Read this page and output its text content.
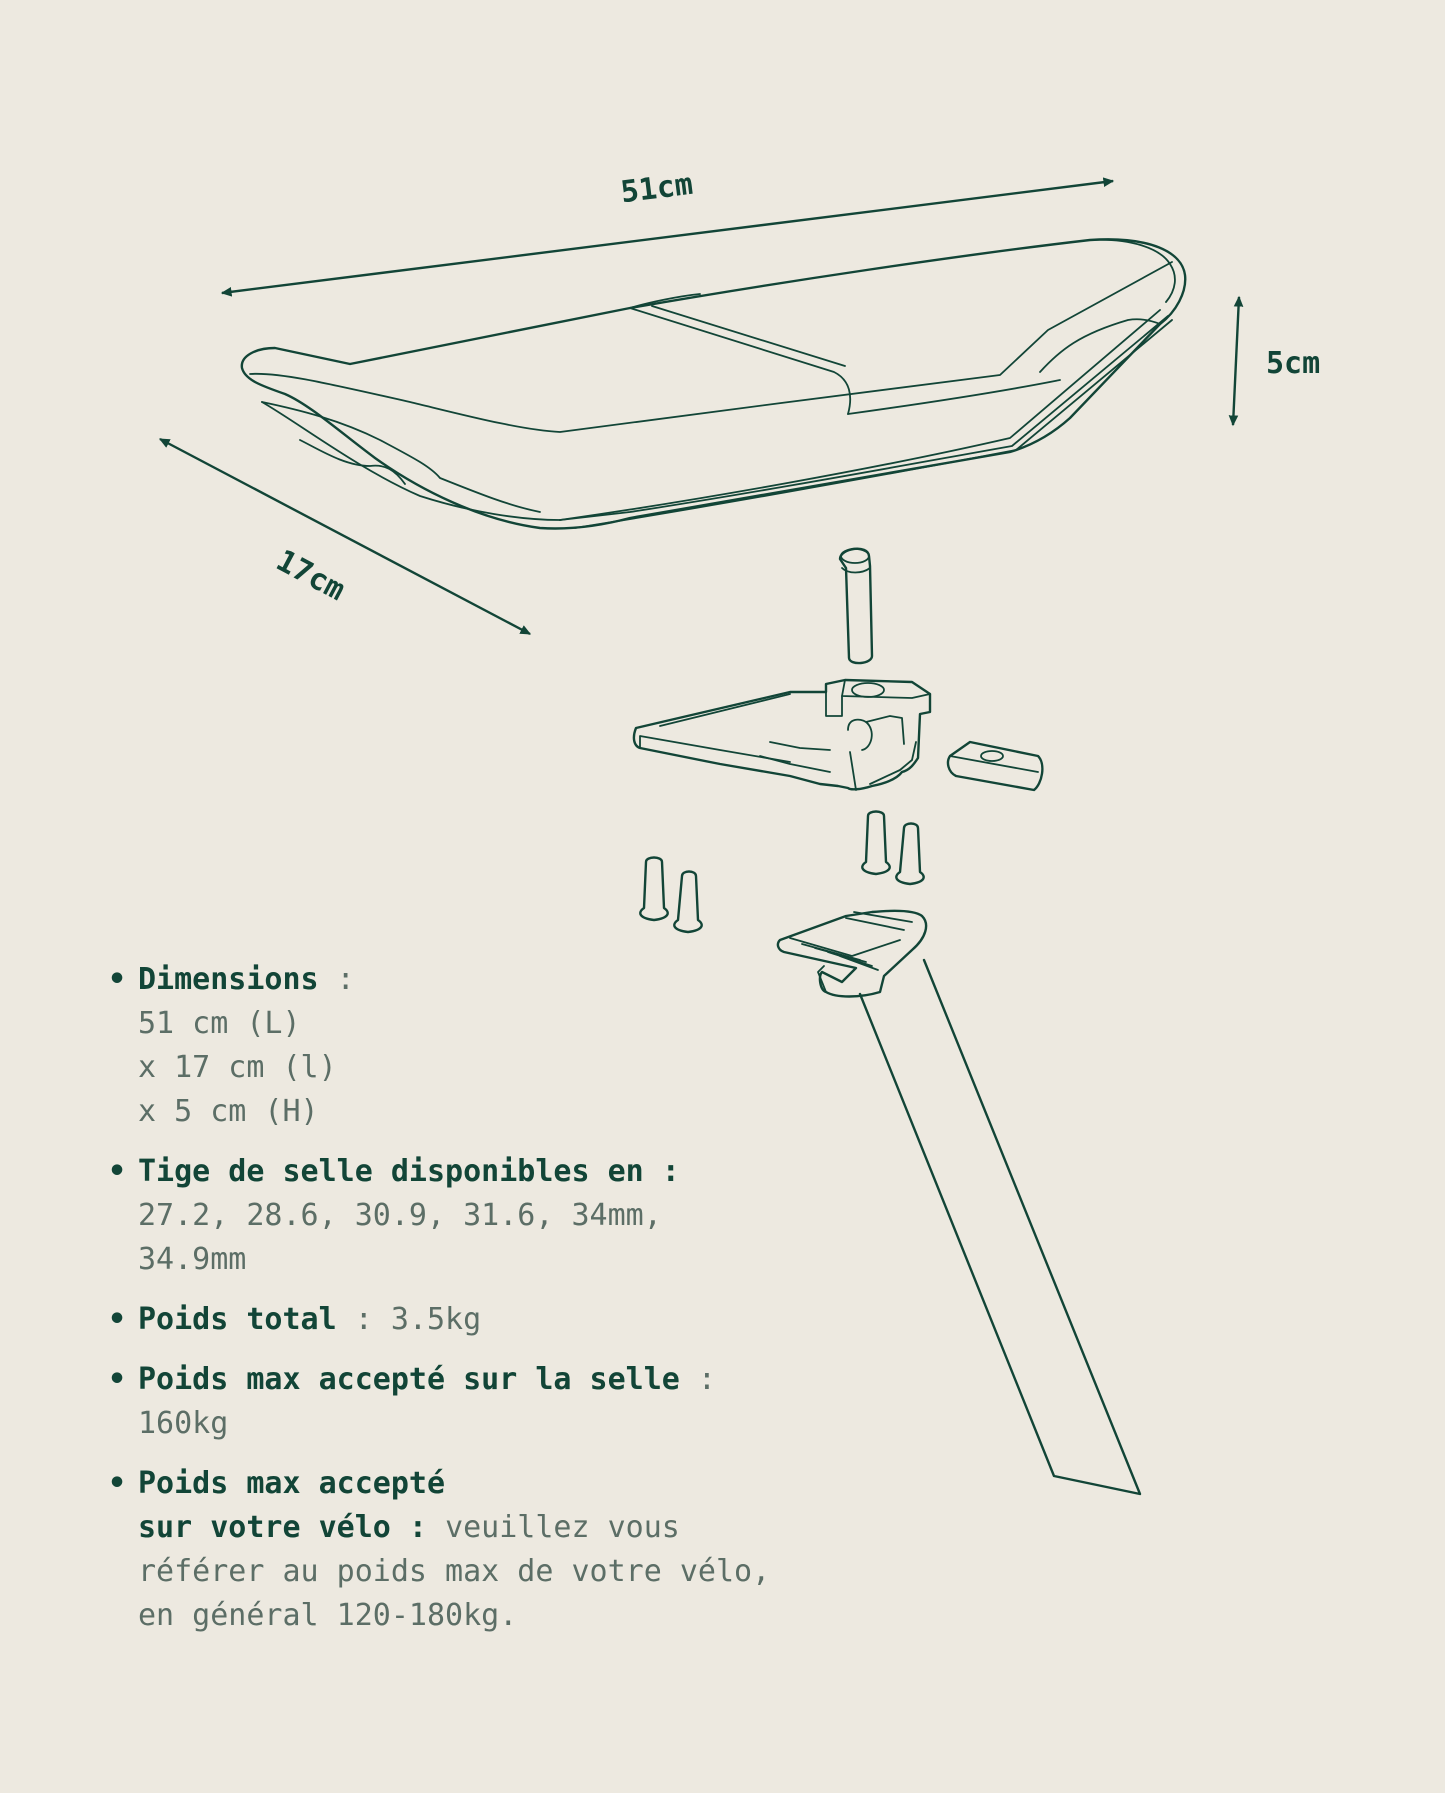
51cm
5cm
17cm
• Dimensions :
51 cm (L)
x 17 cm (l)
x 5 cm (H)
• Tige de selle disponibles en :
27.2, 28.6, 30.9, 31.6, 34mm,
34.9mm
• Poids total : 3.5kg
• Poids max accepté sur la selle :
160kg
• Poids max accepté
sur votre vélo : veuillez vous
référer au poids max de votre vélo,
en général 120-180kg.
